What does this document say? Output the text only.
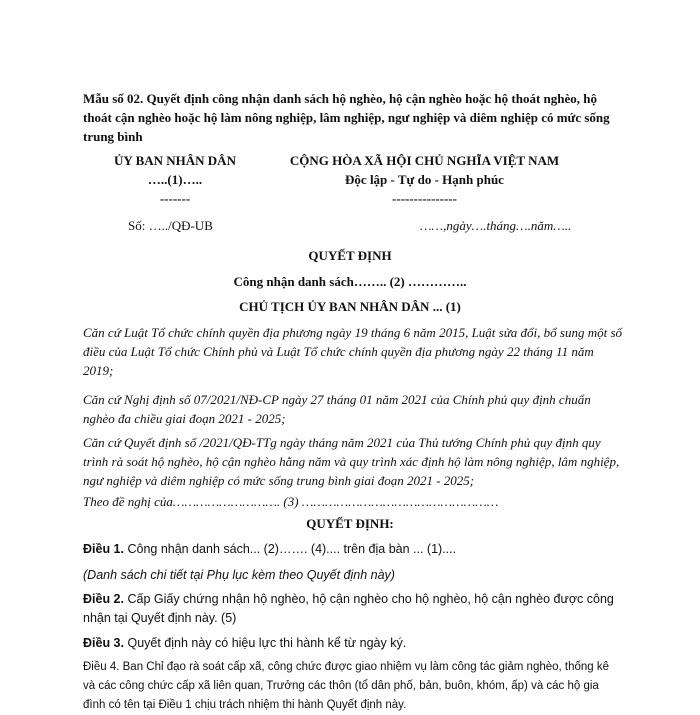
Mẫu số 02. Quyết định công nhận danh sách hộ nghèo, hộ cận nghèo hoặc hộ thoát nghèo, hộ thoát cận nghèo hoặc hộ làm nông nghiệp, lâm nghiệp, ngư nghiệp và diêm nghiệp có mức sống trung bình
ỦY BAN NHÂN DÂN
…..(1)…..
-------
CỘNG HÒA XÃ HỘI CHỦ NGHĨA VIỆT NAM
Độc lập - Tự do - Hạnh phúc
---------------
Số: …../QĐ-UB	……,ngày….tháng….năm…..
QUYẾT ĐỊNH
Công nhận danh sách…….. (2) …………..
CHỦ TỊCH ỦY BAN NHÂN DÂN ... (1)
Căn cứ Luật Tổ chức chính quyền địa phương ngày 19 tháng 6 năm 2015, Luật sửa đổi, bổ sung một số điều của Luật Tổ chức Chính phủ và Luật Tổ chức chính quyền địa phương ngày 22 tháng 11 năm 2019;
Căn cứ Nghị định số 07/2021/NĐ-CP ngày 27 tháng 01 năm 2021 của Chính phủ quy định chuẩn nghèo đa chiều giai đoạn 2021 - 2025;
Căn cứ Quyết định số /2021/QĐ-TTg ngày tháng năm 2021 của Thủ tướng Chính phủ quy định quy trình rà soát hộ nghèo, hộ cận nghèo hằng năm và quy trình xác định hộ làm nông nghiệp, lâm nghiệp, ngư nghiệp và diêm nghiệp có mức sống trung bình giai đoạn 2021 - 2025;
Theo đề nghị của………………………. (3) ……………………………………………
QUYẾT ĐỊNH:
Điều 1. Công nhận danh sách... (2)……. (4).... trên địa bàn ... (1)....
(Danh sách chi tiết tại Phụ lục kèm theo Quyết định này)
Điều 2. Cấp Giấy chứng nhận hộ nghèo, hộ cận nghèo cho hộ nghèo, hộ cận nghèo được công nhận tại Quyết định này. (5)
Điều 3. Quyết định này có hiệu lực thi hành kể từ ngày ký.
Điều 4. Ban Chỉ đạo rà soát cấp xã, công chức được giao nhiệm vụ làm công tác giảm nghèo, thống kê và các công chức cấp xã liên quan, Trưởng các thôn (tổ dân phố, bản, buôn, khóm, ấp) và các hộ gia đình có tên tại Điều 1 chịu trách nhiệm thi hành Quyết định này.
